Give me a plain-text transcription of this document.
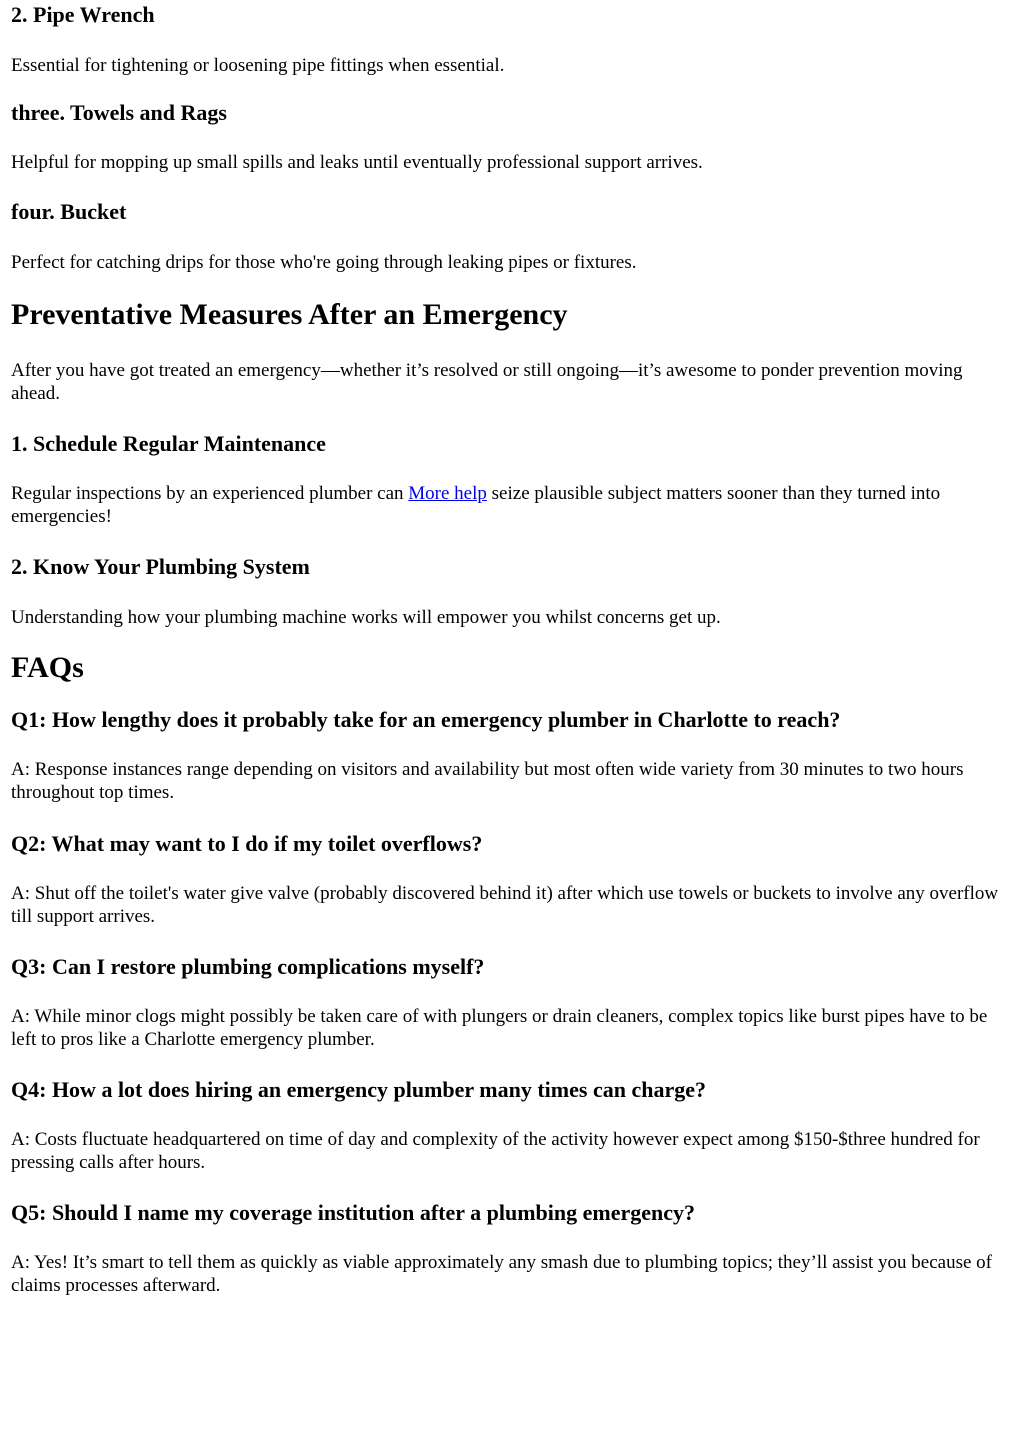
2. Pipe Wrench

Essential for tightening or loosening pipe fittings when essential.

three. Towels and Rags

Helpful for mopping up small spills and leaks until eventually professional support arrives.

four. Bucket

Perfect for catching drips for those who're going through leaking pipes or fixtures.

Preventative Measures After an Emergency

After you have got treated an emergency—whether it’s resolved or still ongoing—it’s awesome to ponder prevention moving ahead.

1. Schedule Regular Maintenance

Regular inspections by an experienced plumber can More help seize plausible subject matters sooner than they turned into emergencies!

2. Know Your Plumbing System

Understanding how your plumbing machine works will empower you whilst concerns get up.

FAQs
Q1: How lengthy does it probably take for an emergency plumber in Charlotte to reach?

A: Response instances range depending on visitors and availability but most often wide variety from 30 minutes to two hours throughout top times.

Q2: What may want to I do if my toilet overflows?

A: Shut off the toilet's water give valve (probably discovered behind it) after which use towels or buckets to involve any overflow till support arrives.

Q3: Can I restore plumbing complications myself?

A: While minor clogs might possibly be taken care of with plungers or drain cleaners, complex topics like burst pipes have to be left to pros like a Charlotte emergency plumber.

Q4: How a lot does hiring an emergency plumber many times can charge?

A: Costs fluctuate headquartered on time of day and complexity of the activity however expect among $150-$three hundred for pressing calls after hours.

Q5: Should I name my coverage institution after a plumbing emergency?

A: Yes! It’s smart to tell them as quickly as viable approximately any smash due to plumbing topics; they’ll assist you because of claims processes afterward.
